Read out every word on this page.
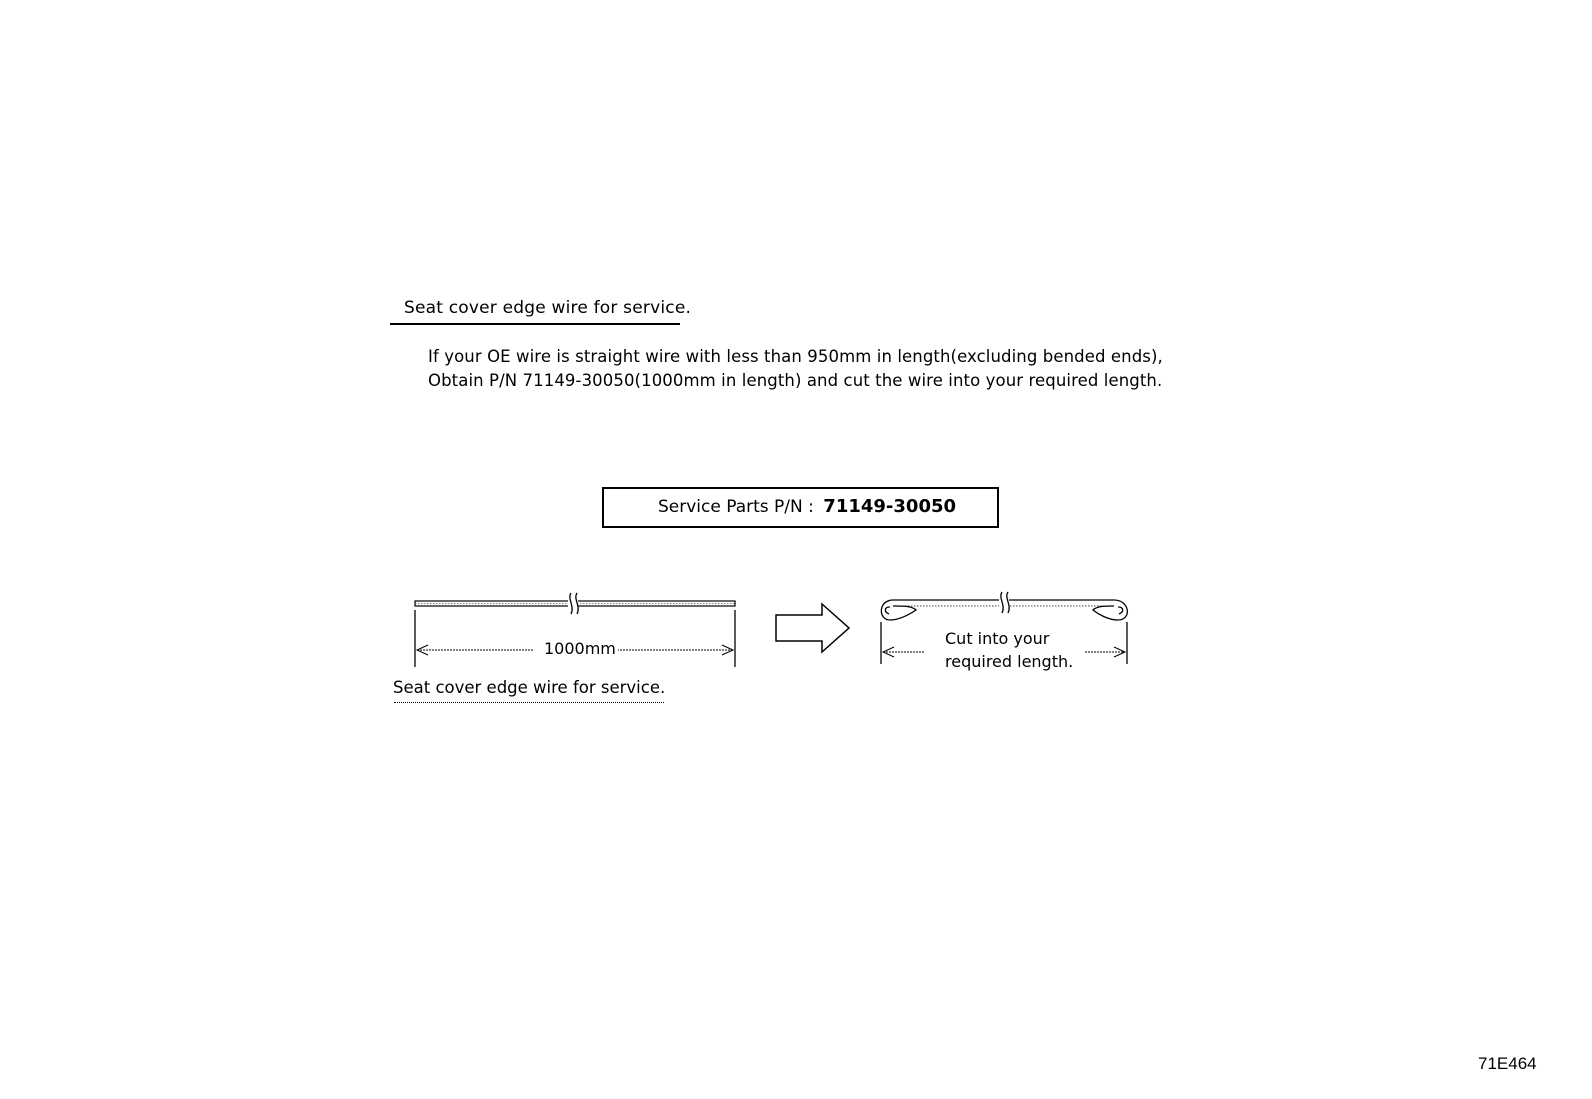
Seat cover edge wire for service.
If your OE wire is straight wire with less than 950mm in length(excluding bended ends),
Obtain P/N 71149-30050(1000mm in length) and cut the wire into your required length.
Service Parts P/N : 71149-30050
1000mm
Seat cover edge wire for service.
Cut into your
required length.
71E464
